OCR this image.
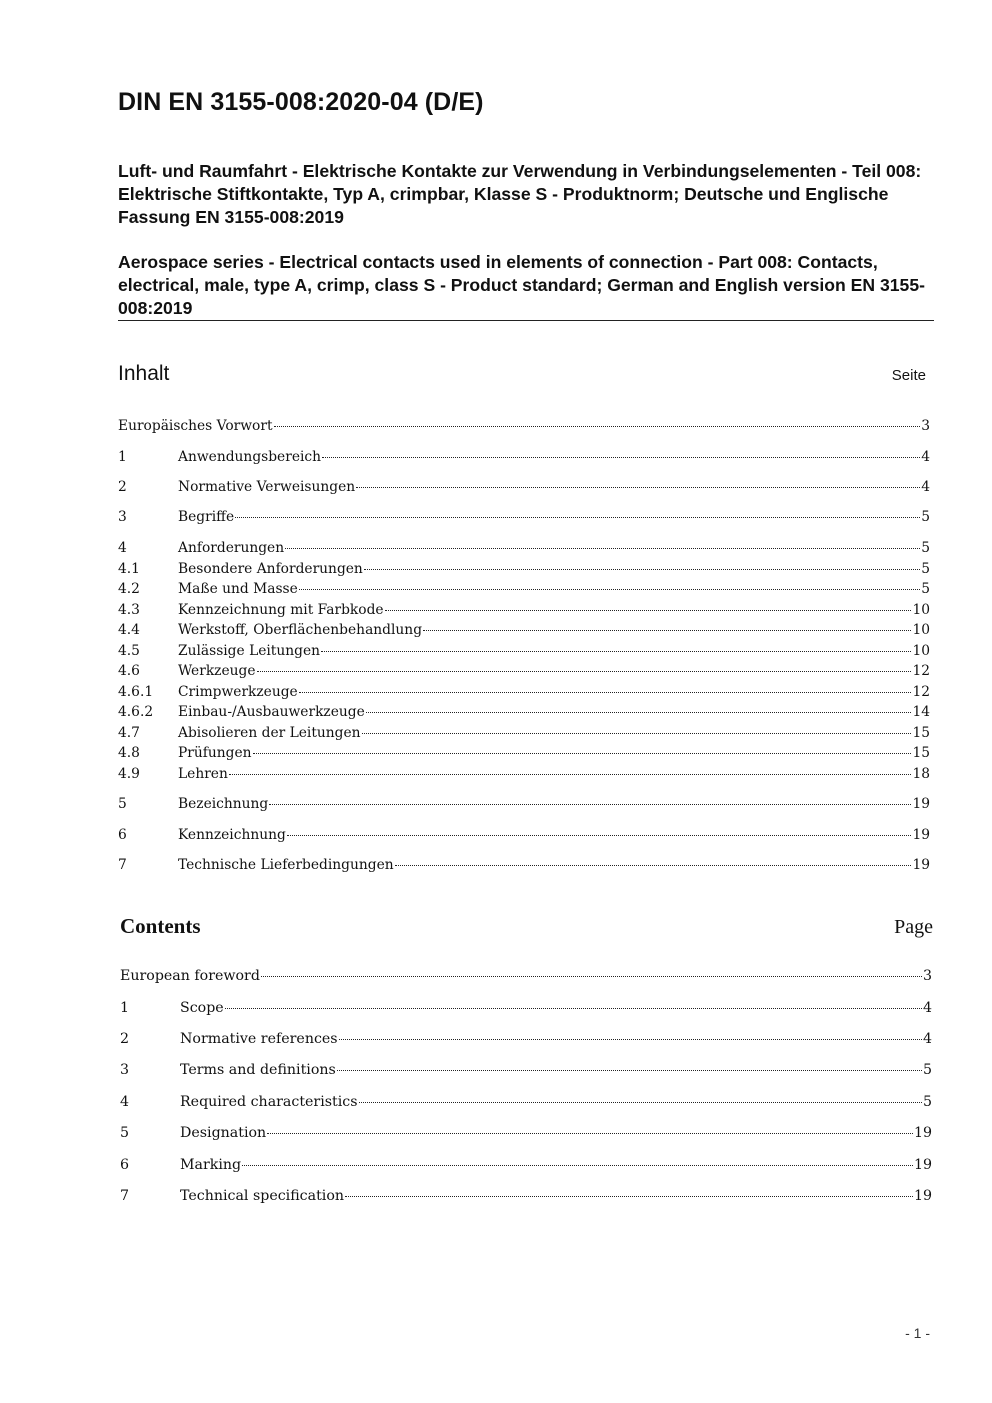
DIN EN 3155-008:2020-04 (D/E)
Luft- und Raumfahrt - Elektrische Kontakte zur Verwendung in Verbindungselementen - Teil 008: Elektrische Stiftkontakte, Typ A, crimpbar, Klasse S - Produktnorm; Deutsche und Englische Fassung EN 3155-008:2019
Aerospace series - Electrical contacts used in elements of connection - Part 008: Contacts, electrical, male, type A, crimp, class S - Product standard; German and English version EN 3155-008:2019
Inhalt	Seite
Europäisches Vorwort	3
1	Anwendungsbereich	4
2	Normative Verweisungen	4
3	Begriffe	5
4	Anforderungen	5
4.1	Besondere Anforderungen	5
4.2	Maße und Masse	5
4.3	Kennzeichnung mit Farbkode	10
4.4	Werkstoff, Oberflächenbehandlung	10
4.5	Zulässige Leitungen	10
4.6	Werkzeuge	12
4.6.1	Crimpwerkzeuge	12
4.6.2	Einbau-/Ausbauwerkzeuge	14
4.7	Abisolieren der Leitungen	15
4.8	Prüfungen	15
4.9	Lehren	18
5	Bezeichnung	19
6	Kennzeichnung	19
7	Technische Lieferbedingungen	19
Contents	Page
European foreword	3
1	Scope	4
2	Normative references	4
3	Terms and definitions	5
4	Required characteristics	5
5	Designation	19
6	Marking	19
7	Technical specification	19
- 1 -
